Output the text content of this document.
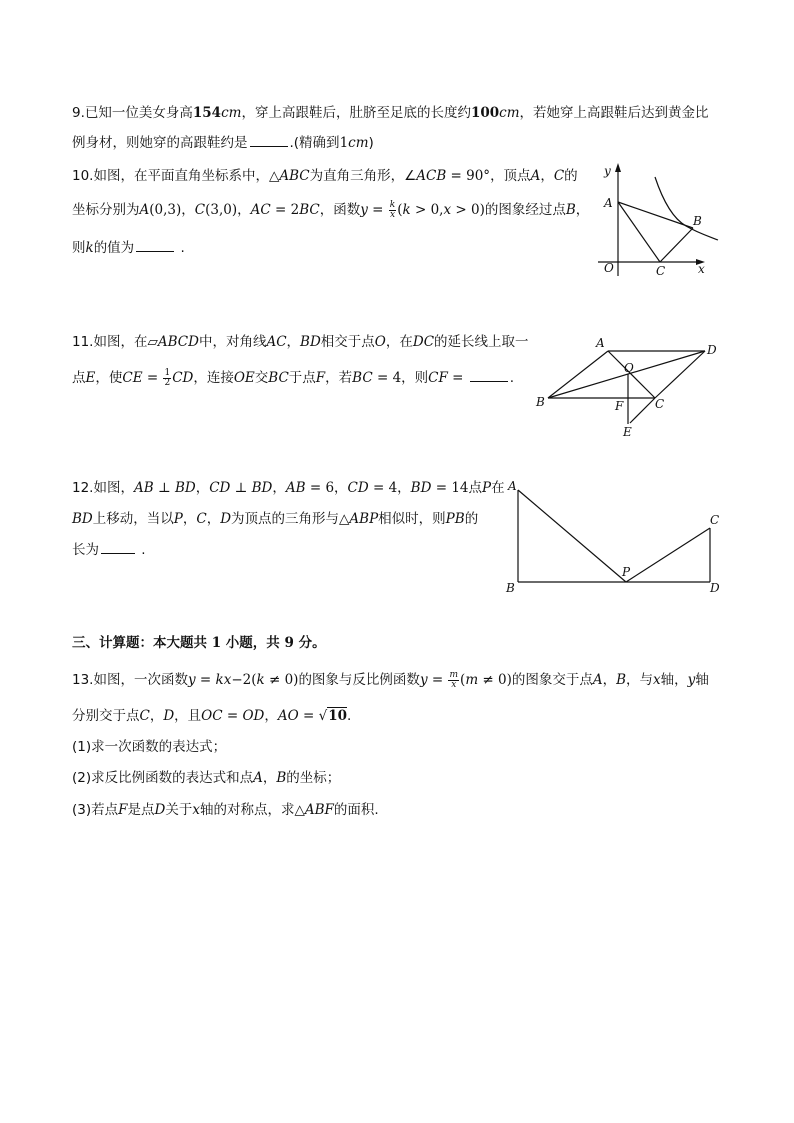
9.已知一位美女身高154cm，穿上高跟鞋后，肚脐至足底的长度约100cm，若她穿上高跟鞋后达到黄金比
例身材，则她穿的高跟鞋约是	.(精确到1cm)
10.如图，在平面直角坐标系中，△ABC为直角三角形，∠ACB = 90°，顶点A，C的
坐标分别为A(0,3)，C(3,0)，AC = 2BC，函数$y = \frac{k}{x} (k > 0,x > 0)$的图象经过点B，
则k的值为	.
y
A
B
O	C	x
11.如图，在▱ABCD中，对角线AC，BD相交于点O，在DC的延长线上取一
点E，使CE = $\frac{1}{2}$ CD，连接OE交BC于点F，若BC = 4，则CF =	.
A	D
O
B	F	C
E
12.如图，AB ⊥ BD，CD ⊥ BD，AB = 6，CD = 4，BD = 14点P在
BD上移动，当以P，C，D为顶点的三角形与△ABP相似时，则PB的
长为	.
A
C
P
B	D
三、计算题：本大题共 1 小题，共 9 分。
13.如图，一次函数y = kx−2(k ≠ 0)的图象与反比例函数$y = \frac{m}{x} (m \ne 0)$的图象交于点A，B，与x轴，y轴
分别交于点C，D，且OC = OD，AO = √10.
(1)求一次函数的表达式；
(2)求反比例函数的表达式和点A，B的坐标；
(3)若点F是点D关于x轴的对称点，求△ABF的面积.
